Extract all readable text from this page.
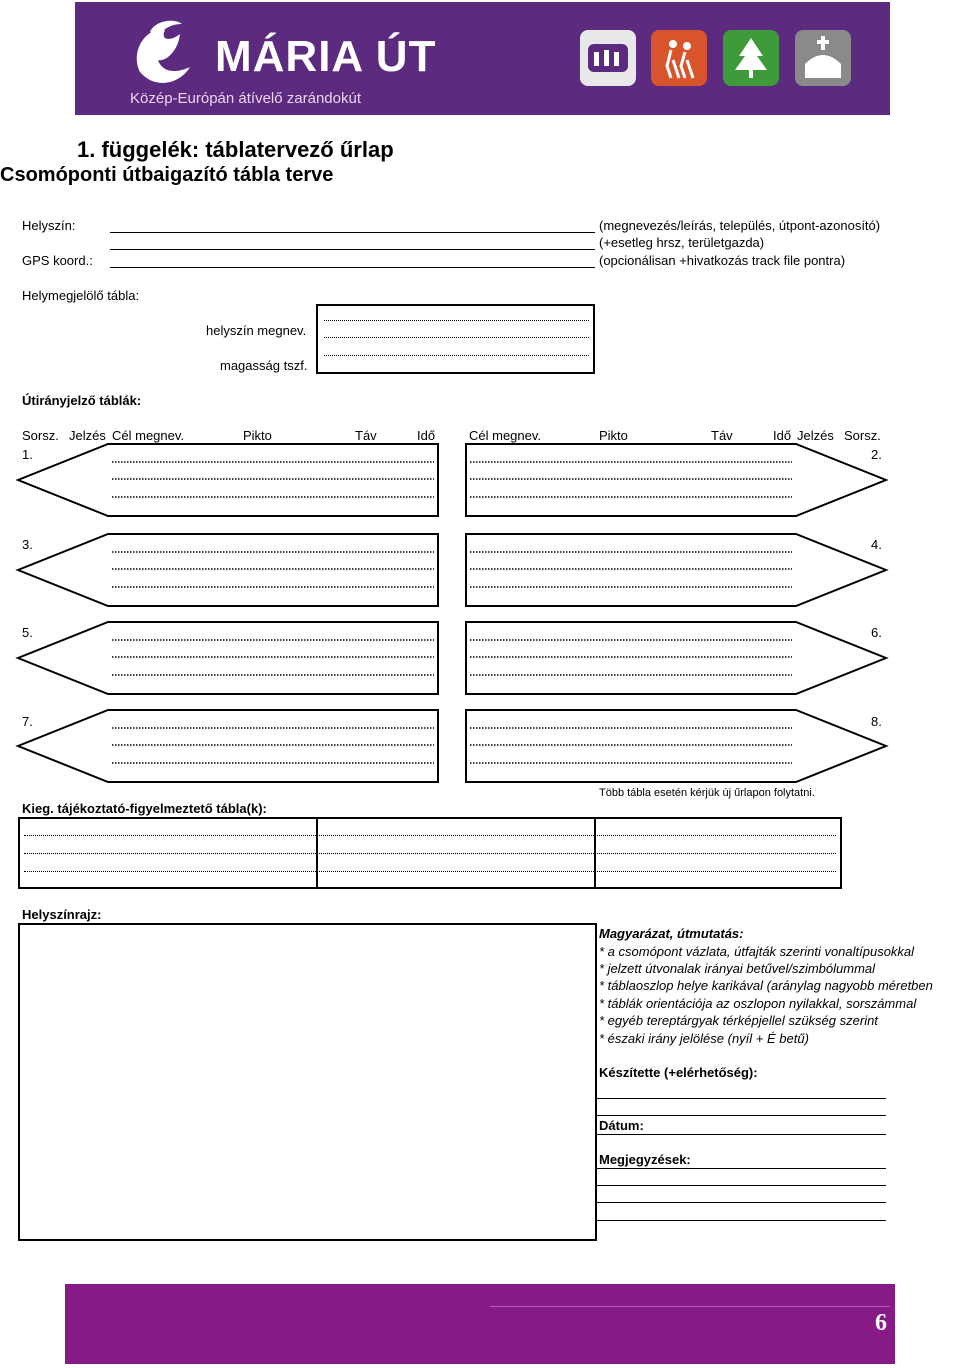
MÁRIA ÚT
Közép-Európán átívelő zarándokút
1. függelék: táblatervező űrlap
Csomóponti útbaigazító tábla terve
Helyszín:
GPS koord.:
(megnevezés/leírás, település, útpont-azonosító)
(+esetleg hrsz, területgazda)
(opcionálisan +hivatkozás track file pontra)
Helymegjelölő tábla:
helyszín megnev.
magasság tszf.
Útirányjelző táblák:
Sorsz. Jelzés Cél megnev.	Pikto	Táv	Idő	Cél megnev.	Pikto	Táv	Idő Jelzés Sorsz.
1.	2.
3.	4.
5.	6.
7.	8.
Kieg. tájékoztató-figyelmeztető tábla(k):
Több tábla esetén kérjük új űrlapon folytatni.
Helyszínrajz:
Magyarázat, útmutatás:
* a csomópont vázlata, útfajták szerinti vonaltípusokkal
* jelzett útvonalak irányai betűvel/szimbólummal
* táblaoszlop helye karikával (aránylag nagyobb méretben
* táblák orientációja az oszlopon nyilakkal, sorszámmal
* egyéb tereptárgyak térképjellel szükség szerint
* északi irány jelölése (nyíl + É betű)
Készítette (+elérhetőség):
Dátum:
Megjegyzések:
6
